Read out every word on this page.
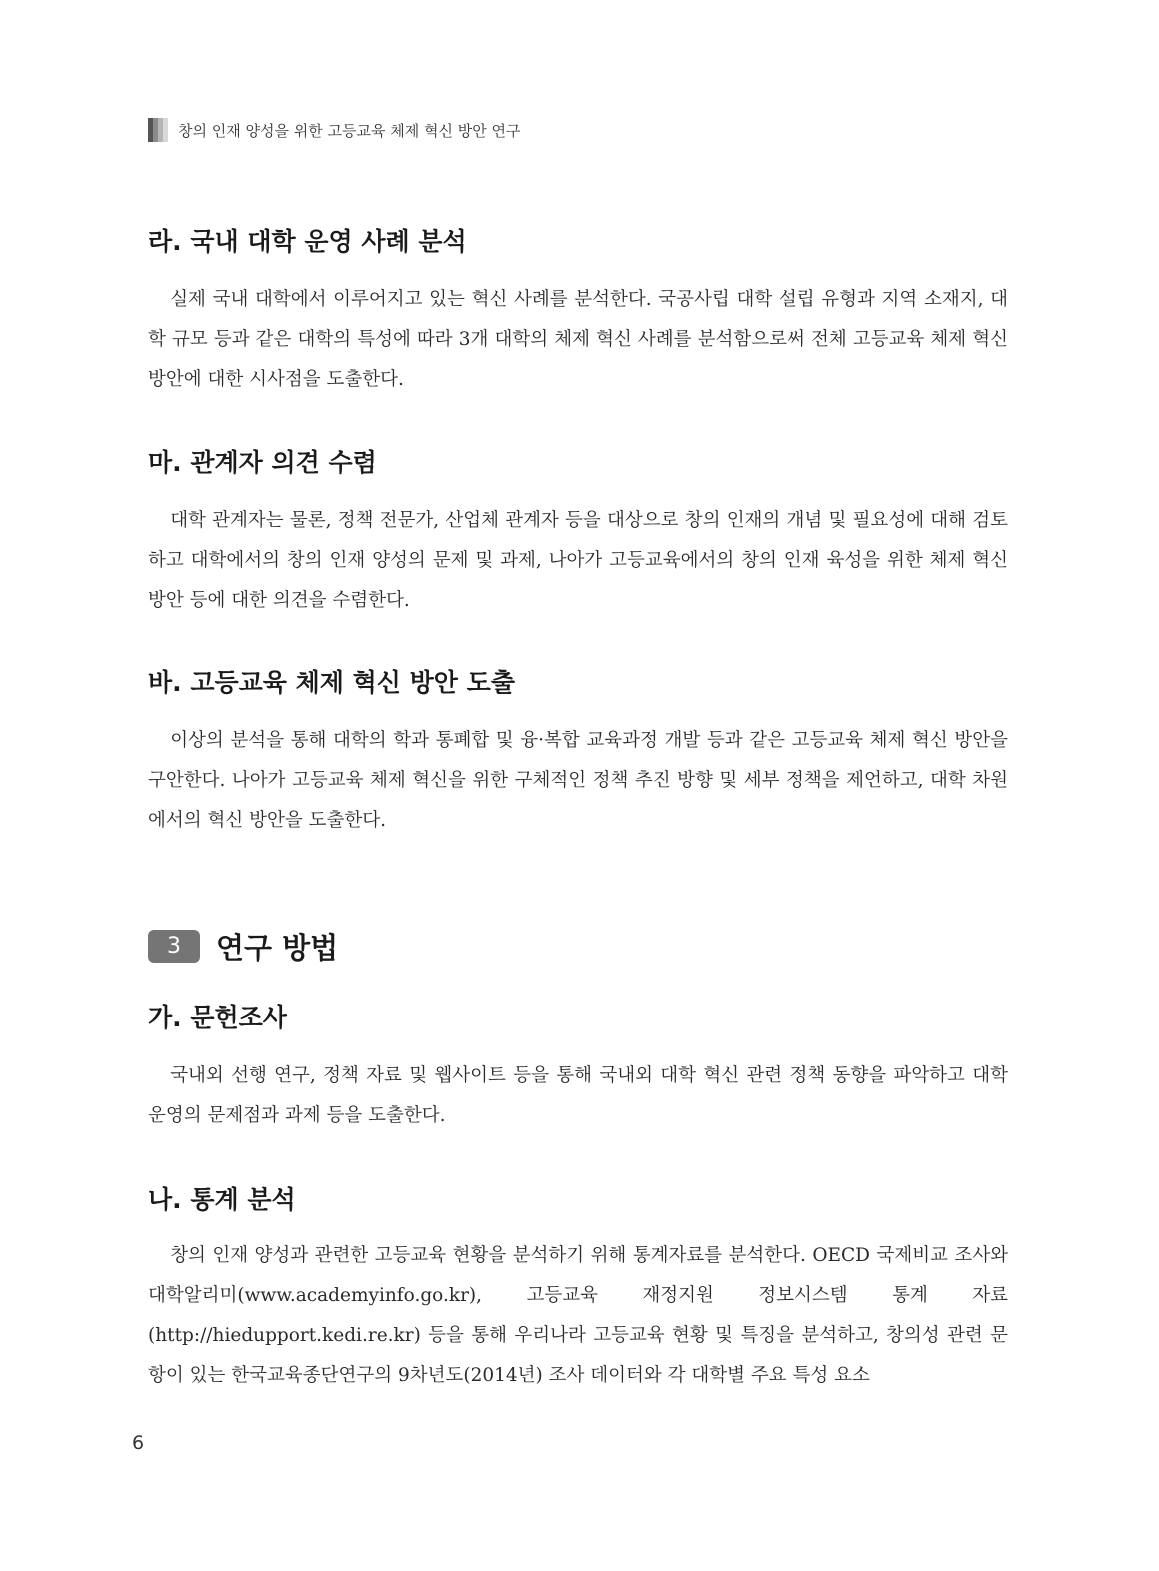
창의 인재 양성을 위한 고등교육 체제 혁신 방안 연구
라. 국내 대학 운영 사례 분석

실제 국내 대학에서 이루어지고 있는 혁신 사례를 분석한다. 국공사립 대학 설립 유형과 지역 소재지, 대학 규모 등과 같은 대학의 특성에 따라 3개 대학의 체제 혁신 사례를 분석함으로써 전체 고등교육 체제 혁신 방안에 대한 시사점을 도출한다.

마. 관계자 의견 수렴

대학 관계자는 물론, 정책 전문가, 산업체 관계자 등을 대상으로 창의 인재의 개념 및 필요성에 대해 검토하고 대학에서의 창의 인재 양성의 문제 및 과제, 나아가 고등교육에서의 창의 인재 육성을 위한 체제 혁신 방안 등에 대한 의견을 수렴한다.

바. 고등교육 체제 혁신 방안 도출

이상의 분석을 통해 대학의 학과 통폐합 및 융·복합 교육과정 개발 등과 같은 고등교육 체제 혁신 방안을 구안한다. 나아가 고등교육 체제 혁신을 위한 구체적인 정책 추진 방향 및 세부 정책을 제언하고, 대학 차원에서의 혁신 방안을 도출한다.

3	연구 방법
가. 문헌조사

국내외 선행 연구, 정책 자료 및 웹사이트 등을 통해 국내외 대학 혁신 관련 정책 동향을 파악하고 대학 운영의 문제점과 과제 등을 도출한다.

나. 통계 분석

창의 인재 양성과 관련한 고등교육 현황을 분석하기 위해 통계자료를 분석한다. OECD 국제비교 조사와 대학알리미(www.academyinfo.go.kr), 고등교육 재정지원 정보시스템 통계 자료(http://hiedupport.kedi.re.kr) 등을 통해 우리나라 고등교육 현황 및 특징을 분석하고, 창의성 관련 문항이 있는 한국교육종단연구의 9차년도(2014년) 조사 데이터와 각 대학별 주요 특성 요소

6
